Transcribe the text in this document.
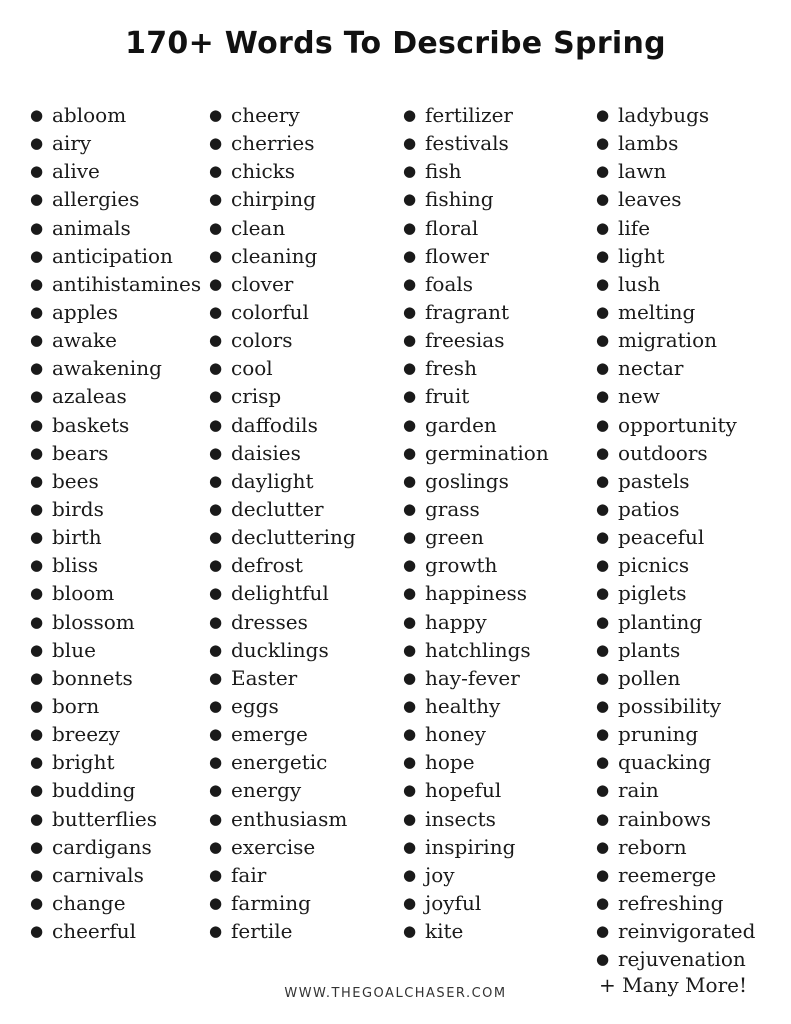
170+ Words To Describe Spring
● abloom
● airy
● alive
● allergies
● animals
● anticipation
● antihistamines
● apples
● awake
● awakening
● azaleas
● baskets
● bears
● bees
● birds
● birth
● bliss
● bloom
● blossom
● blue
● bonnets
● born
● breezy
● bright
● budding
● butterflies
● cardigans
● carnivals
● change
● cheerful
● cheery
● cherries
● chicks
● chirping
● clean
● cleaning
● clover
● colorful
● colors
● cool
● crisp
● daffodils
● daisies
● daylight
● declutter
● decluttering
● defrost
● delightful
● dresses
● ducklings
● Easter
● eggs
● emerge
● energetic
● energy
● enthusiasm
● exercise
● fair
● farming
● fertile
● fertilizer
● festivals
● fish
● fishing
● floral
● flower
● foals
● fragrant
● freesias
● fresh
● fruit
● garden
● germination
● goslings
● grass
● green
● growth
● happiness
● happy
● hatchlings
● hay-fever
● healthy
● honey
● hope
● hopeful
● insects
● inspiring
● joy
● joyful
● kite
● ladybugs
● lambs
● lawn
● leaves
● life
● light
● lush
● melting
● migration
● nectar
● new
● opportunity
● outdoors
● pastels
● patios
● peaceful
● picnics
● piglets
● planting
● plants
● pollen
● possibility
● pruning
● quacking
● rain
● rainbows
● reborn
● reemerge
● refreshing
● reinvigorated
● rejuvenation
+ Many More!
WWW.THEGOALCHASER.COM
